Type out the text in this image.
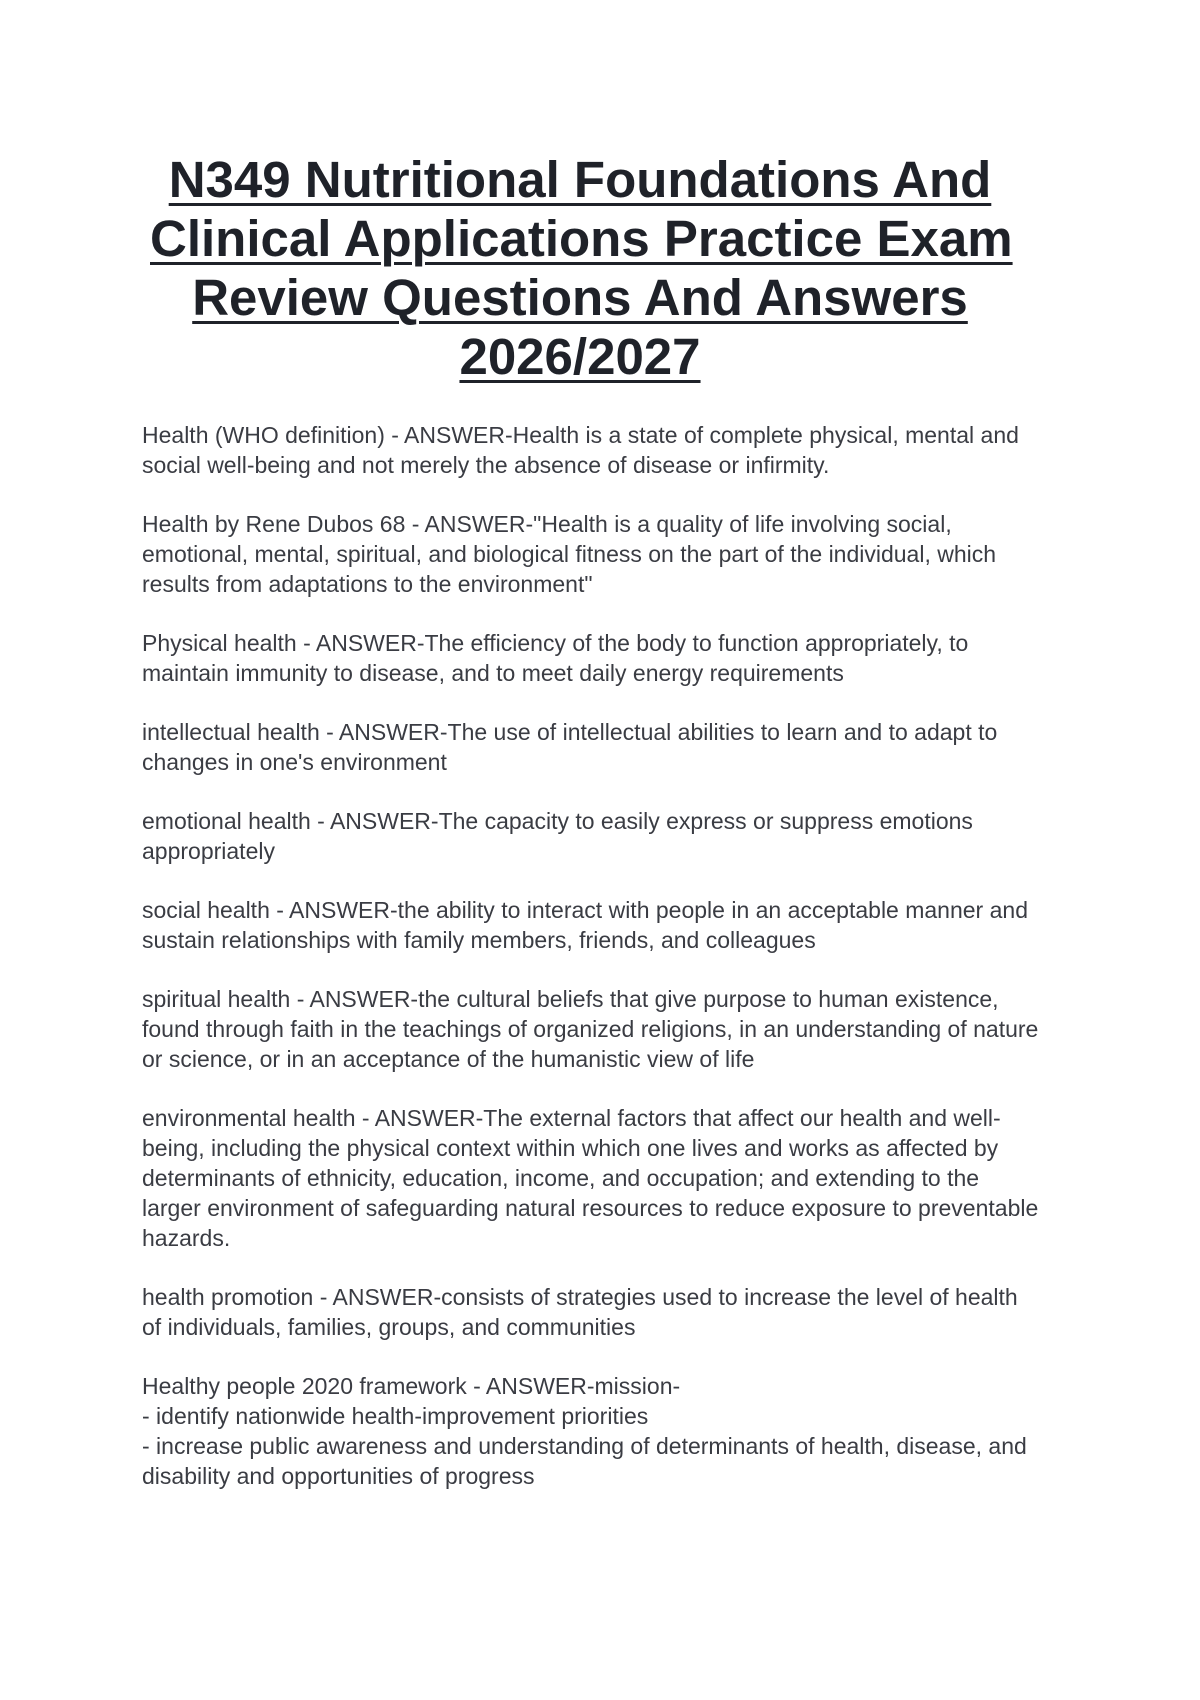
N349 Nutritional Foundations And
Clinical Applications Practice Exam
Review Questions And Answers
2026/2027
Health (WHO definition) - ANSWER-Health is a state of complete physical, mental and
social well-being and not merely the absence of disease or infirmity.
Health by Rene Dubos 68 - ANSWER-"Health is a quality of life involving social,
emotional, mental, spiritual, and biological fitness on the part of the individual, which
results from adaptations to the environment"
Physical health - ANSWER-The efficiency of the body to function appropriately, to
maintain immunity to disease, and to meet daily energy requirements
intellectual health - ANSWER-The use of intellectual abilities to learn and to adapt to
changes in one's environment
emotional health - ANSWER-The capacity to easily express or suppress emotions
appropriately
social health - ANSWER-the ability to interact with people in an acceptable manner and
sustain relationships with family members, friends, and colleagues
spiritual health - ANSWER-the cultural beliefs that give purpose to human existence,
found through faith in the teachings of organized religions, in an understanding of nature
or science, or in an acceptance of the humanistic view of life
environmental health - ANSWER-The external factors that affect our health and well-
being, including the physical context within which one lives and works as affected by
determinants of ethnicity, education, income, and occupation; and extending to the
larger environment of safeguarding natural resources to reduce exposure to preventable
hazards.
health promotion - ANSWER-consists of strategies used to increase the level of health
of individuals, families, groups, and communities
Healthy people 2020 framework - ANSWER-mission-
- identify nationwide health-improvement priorities
- increase public awareness and understanding of determinants of health, disease, and
disability and opportunities of progress
